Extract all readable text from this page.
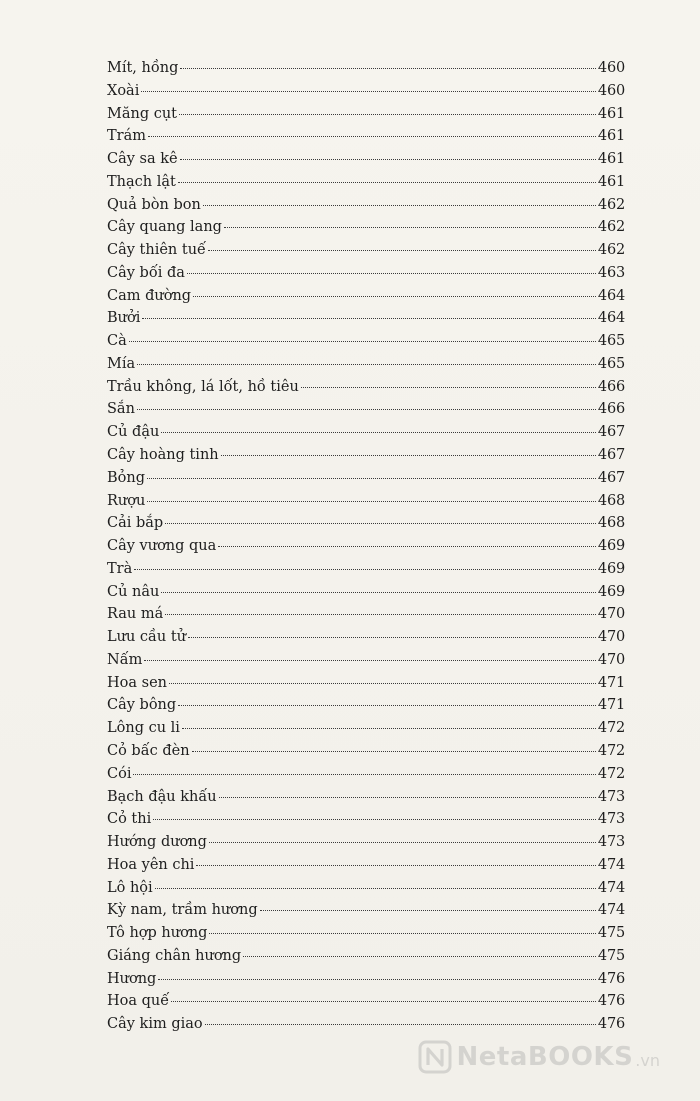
Mít, hồng	460
Xoài	460
Măng cụt	461
Trám	461
Cây sa kê	461
Thạch lật	461
Quả bòn bon	462
Cây quang lang	462
Cây thiên tuế	462
Cây bối đa	463
Cam đường	464
Bưởi	464
Cà	465
Mía	465
Trầu không, lá lốt, hồ tiêu	466
Sắn	466
Củ đậu	467
Cây hoàng tinh	467
Bỏng	467
Rượu	468
Cải bắp	468
Cây vương qua	469
Trà	469
Củ nâu	469
Rau má	470
Lưu cầu tử	470
Nấm	470
Hoa sen	471
Cây bông	471
Lông cu li	472
Cỏ bấc đèn	472
Cói	472
Bạch đậu khấu	473
Cỏ thi	473
Hướng dương	473
Hoa yên chi	474
Lô hội	474
Kỳ nam, trầm hương	474
Tô hợp hương	475
Giáng chân hương	475
Hương	476
Hoa quế	476
Cây kim giao	476
NetaBOOKS .vn
